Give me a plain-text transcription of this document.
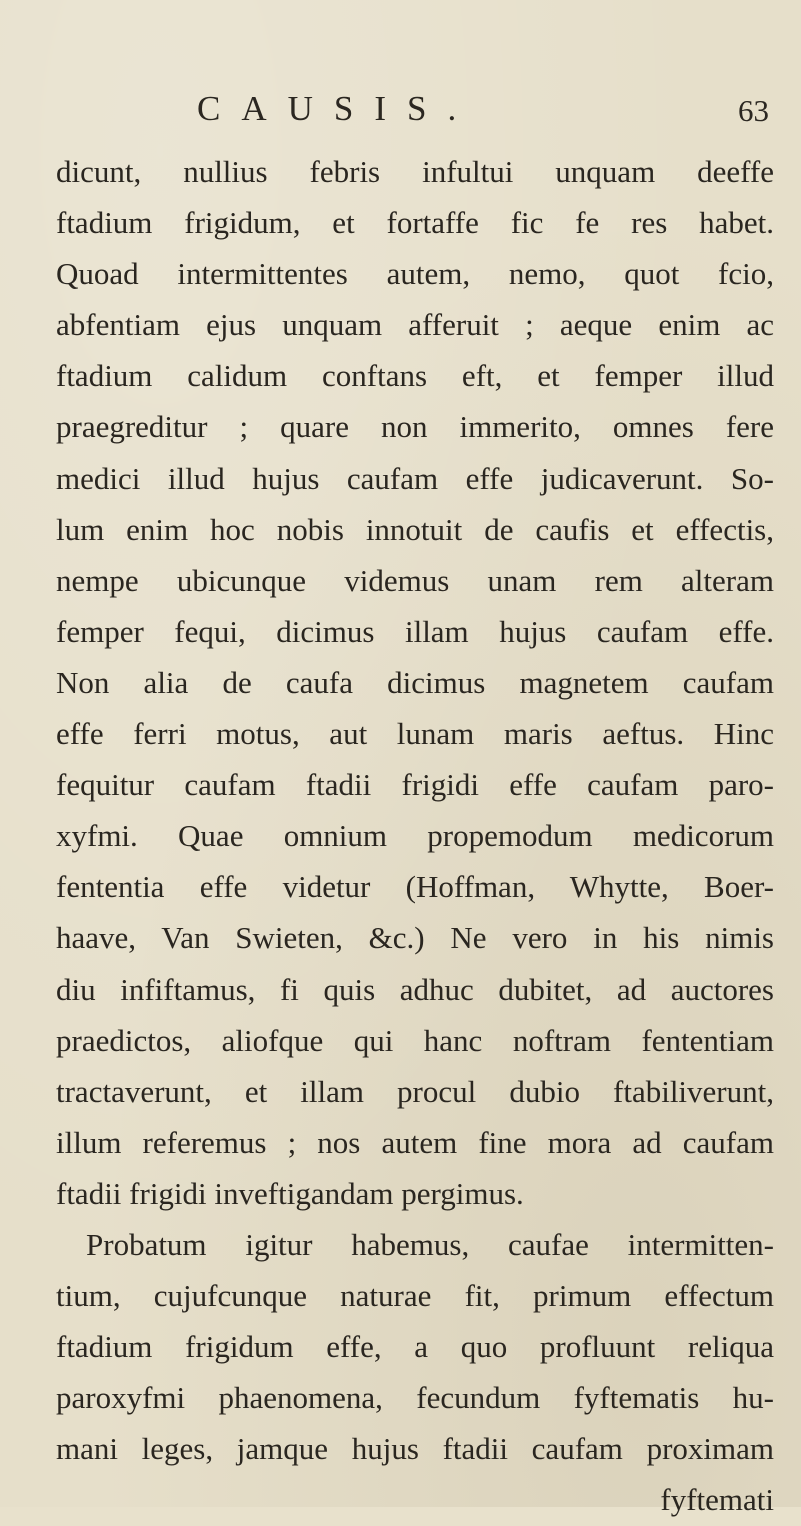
CAUSIS.	63
dicunt, nullius febris infultui unquam deeffe
ftadium frigidum, et fortaffe fic fe res habet.
Quoad intermittentes autem, nemo, quot fcio,
abfentiam ejus unquam afferuit ; aeque enim ac
ftadium calidum conftans eft, et femper illud
praegreditur ; quare non immerito, omnes fere
medici illud hujus caufam effe judicaverunt. So-
lum enim hoc nobis innotuit de caufis et effectis,
nempe ubicunque videmus unam rem alteram
femper fequi, dicimus illam hujus caufam effe.
Non alia de caufa dicimus magnetem caufam
effe ferri motus, aut lunam maris aeftus. Hinc
fequitur caufam ftadii frigidi effe caufam paro-
xyfmi. Quae omnium propemodum medicorum
fententia effe videtur (Hoffman, Whytte, Boer-
haave, Van Swieten, &c.) Ne vero in his nimis
diu infiftamus, fi quis adhuc dubitet, ad auctores
praedictos, aliofque qui hanc noftram fententiam
tractaverunt, et illam procul dubio ftabiliverunt,
illum referemus ; nos autem fine mora ad caufam
ftadii frigidi inveftigandam pergimus.
Probatum igitur habemus, caufae intermitten-
tium, cujufcunque naturae fit, primum effectum
ftadium frigidum effe, a quo profluunt reliqua
paroxyfmi phaenomena, fecundum fyftematis hu-
mani leges, jamque hujus ftadii caufam proximam
fyftemati
